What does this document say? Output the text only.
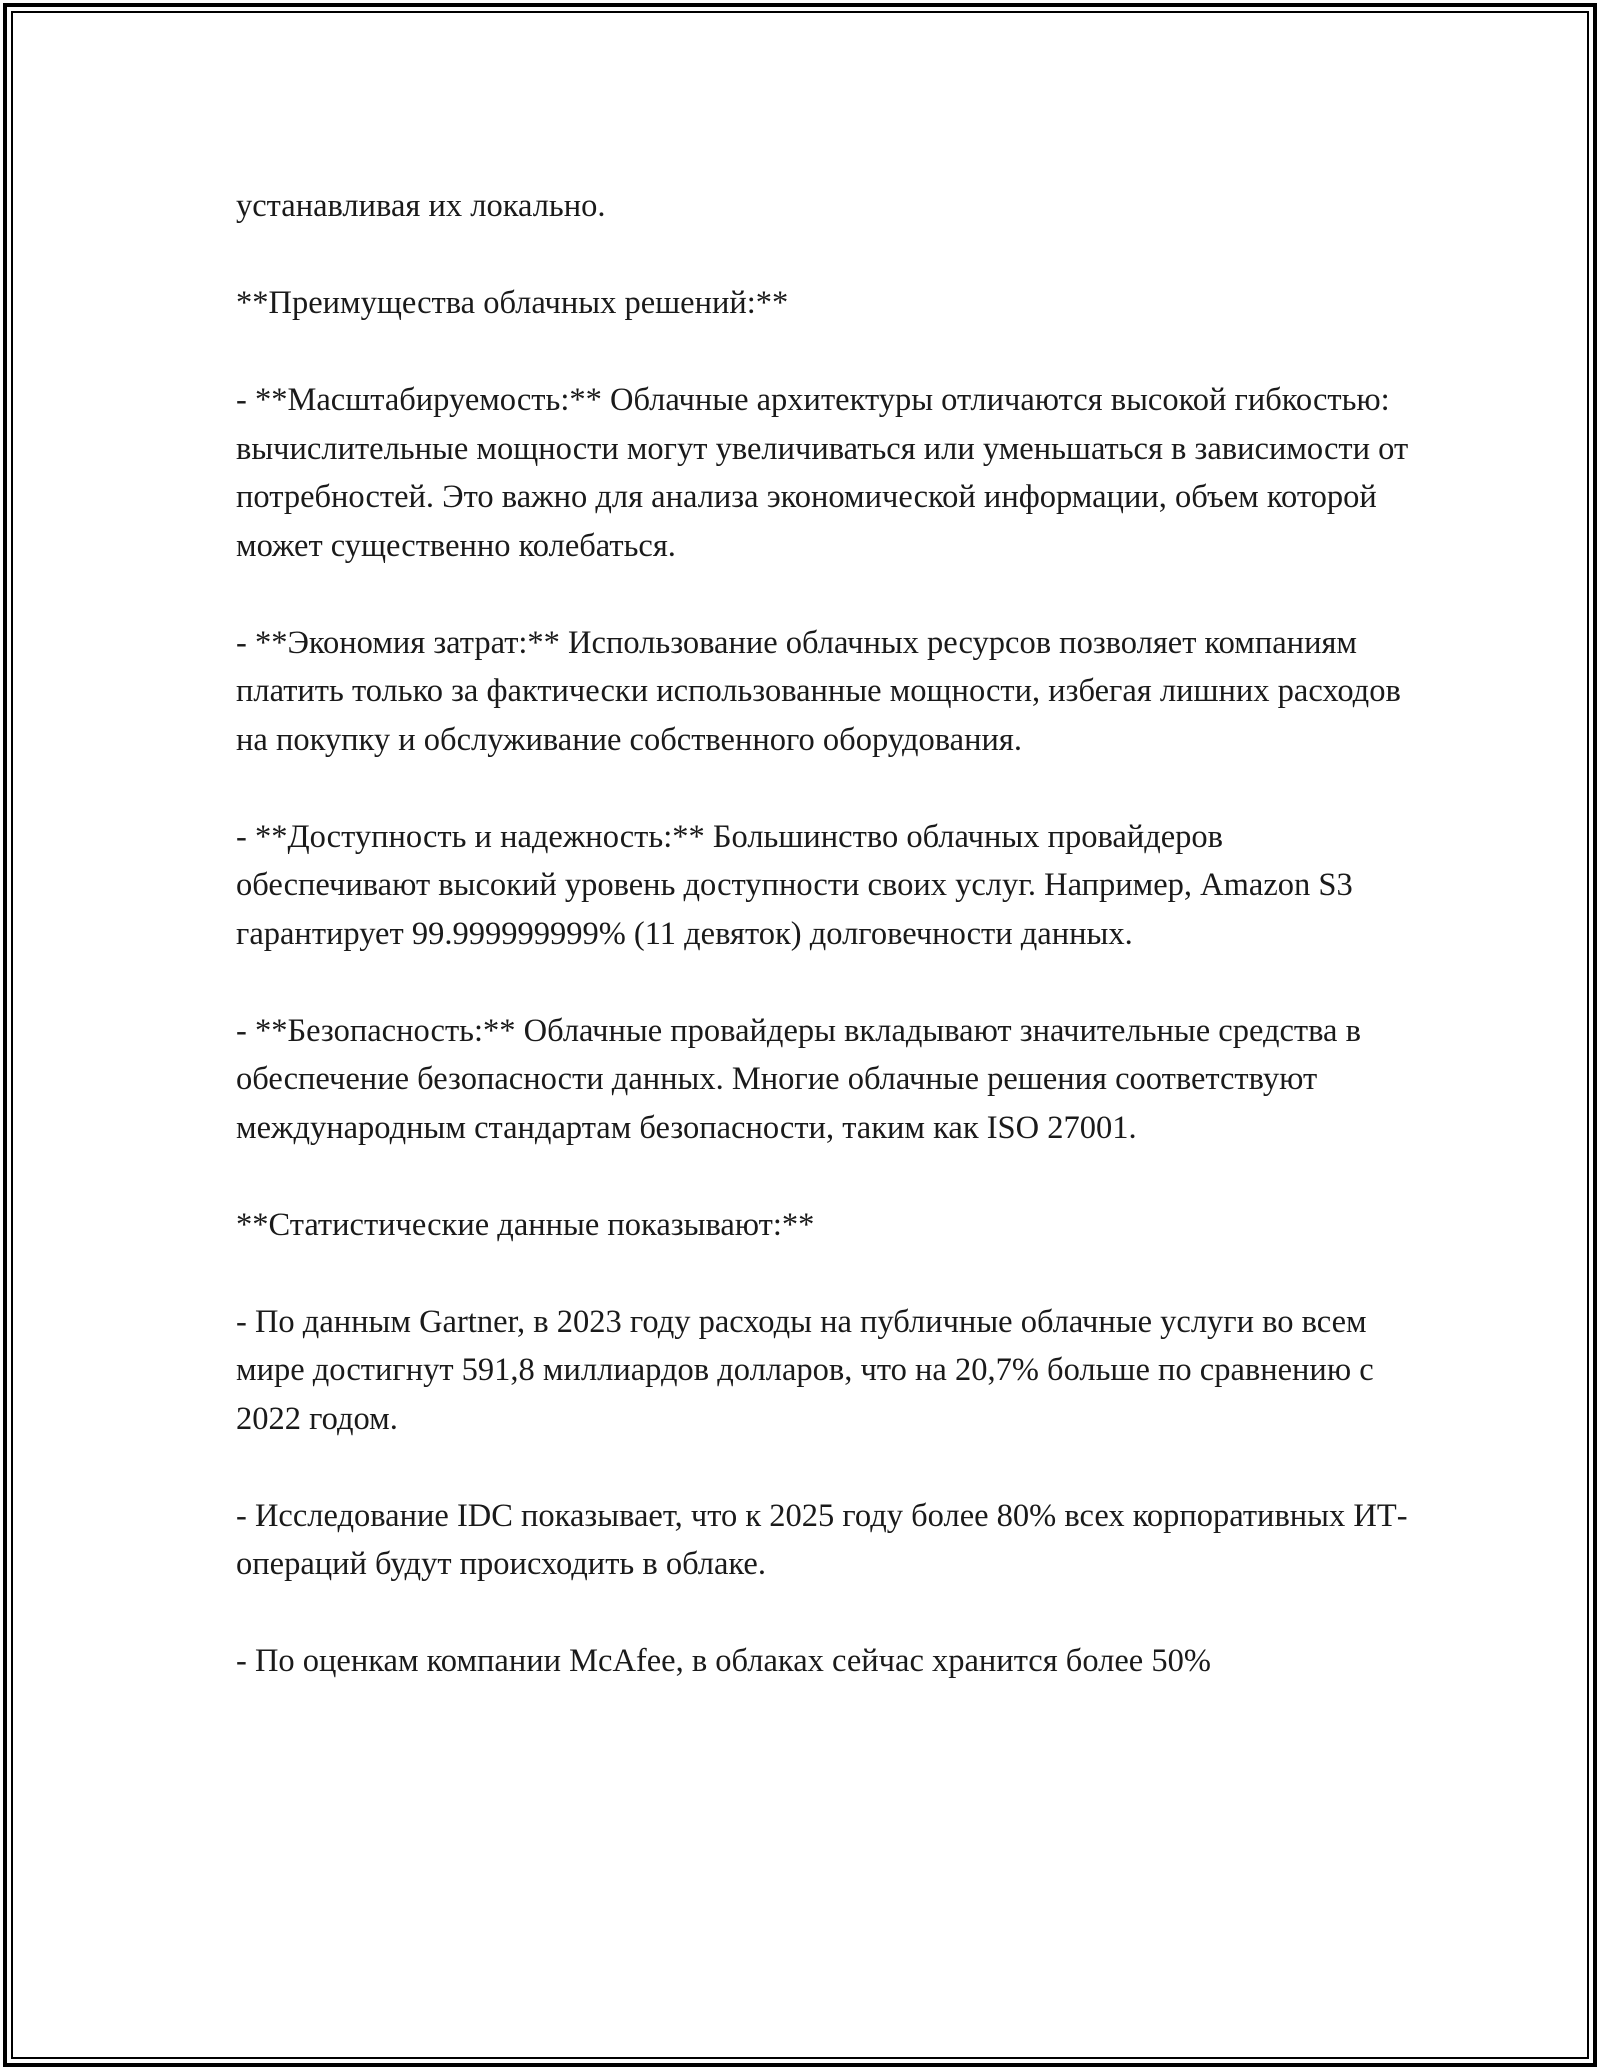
устанавливая их локально.

**Преимущества облачных решений:**

- **Масштабируемость:** Облачные архитектуры отличаются высокой гибкостью: вычислительные мощности могут увеличиваться или уменьшаться в зависимости от потребностей. Это важно для анализа экономической информации, объем которой может существенно колебаться.

- **Экономия затрат:** Использование облачных ресурсов позволяет компаниям платить только за фактически использованные мощности, избегая лишних расходов на покупку и обслуживание собственного оборудования.

- **Доступность и надежность:** Большинство облачных провайдеров обеспечивают высокий уровень доступности своих услуг. Например, Amazon S3 гарантирует 99.999999999% (11 девяток) долговечности данных.

- **Безопасность:** Облачные провайдеры вкладывают значительные средства в обеспечение безопасности данных. Многие облачные решения соответствуют международным стандартам безопасности, таким как ISO 27001.

**Статистические данные показывают:**

- По данным Gartner, в 2023 году расходы на публичные облачные услуги во всем мире достигнут 591,8 миллиардов долларов, что на 20,7% больше по сравнению с 2022 годом.

- Исследование IDC показывает, что к 2025 году более 80% всех корпоративных ИТ-операций будут происходить в облаке.

- По оценкам компании McAfee, в облаках сейчас хранится более 50%
